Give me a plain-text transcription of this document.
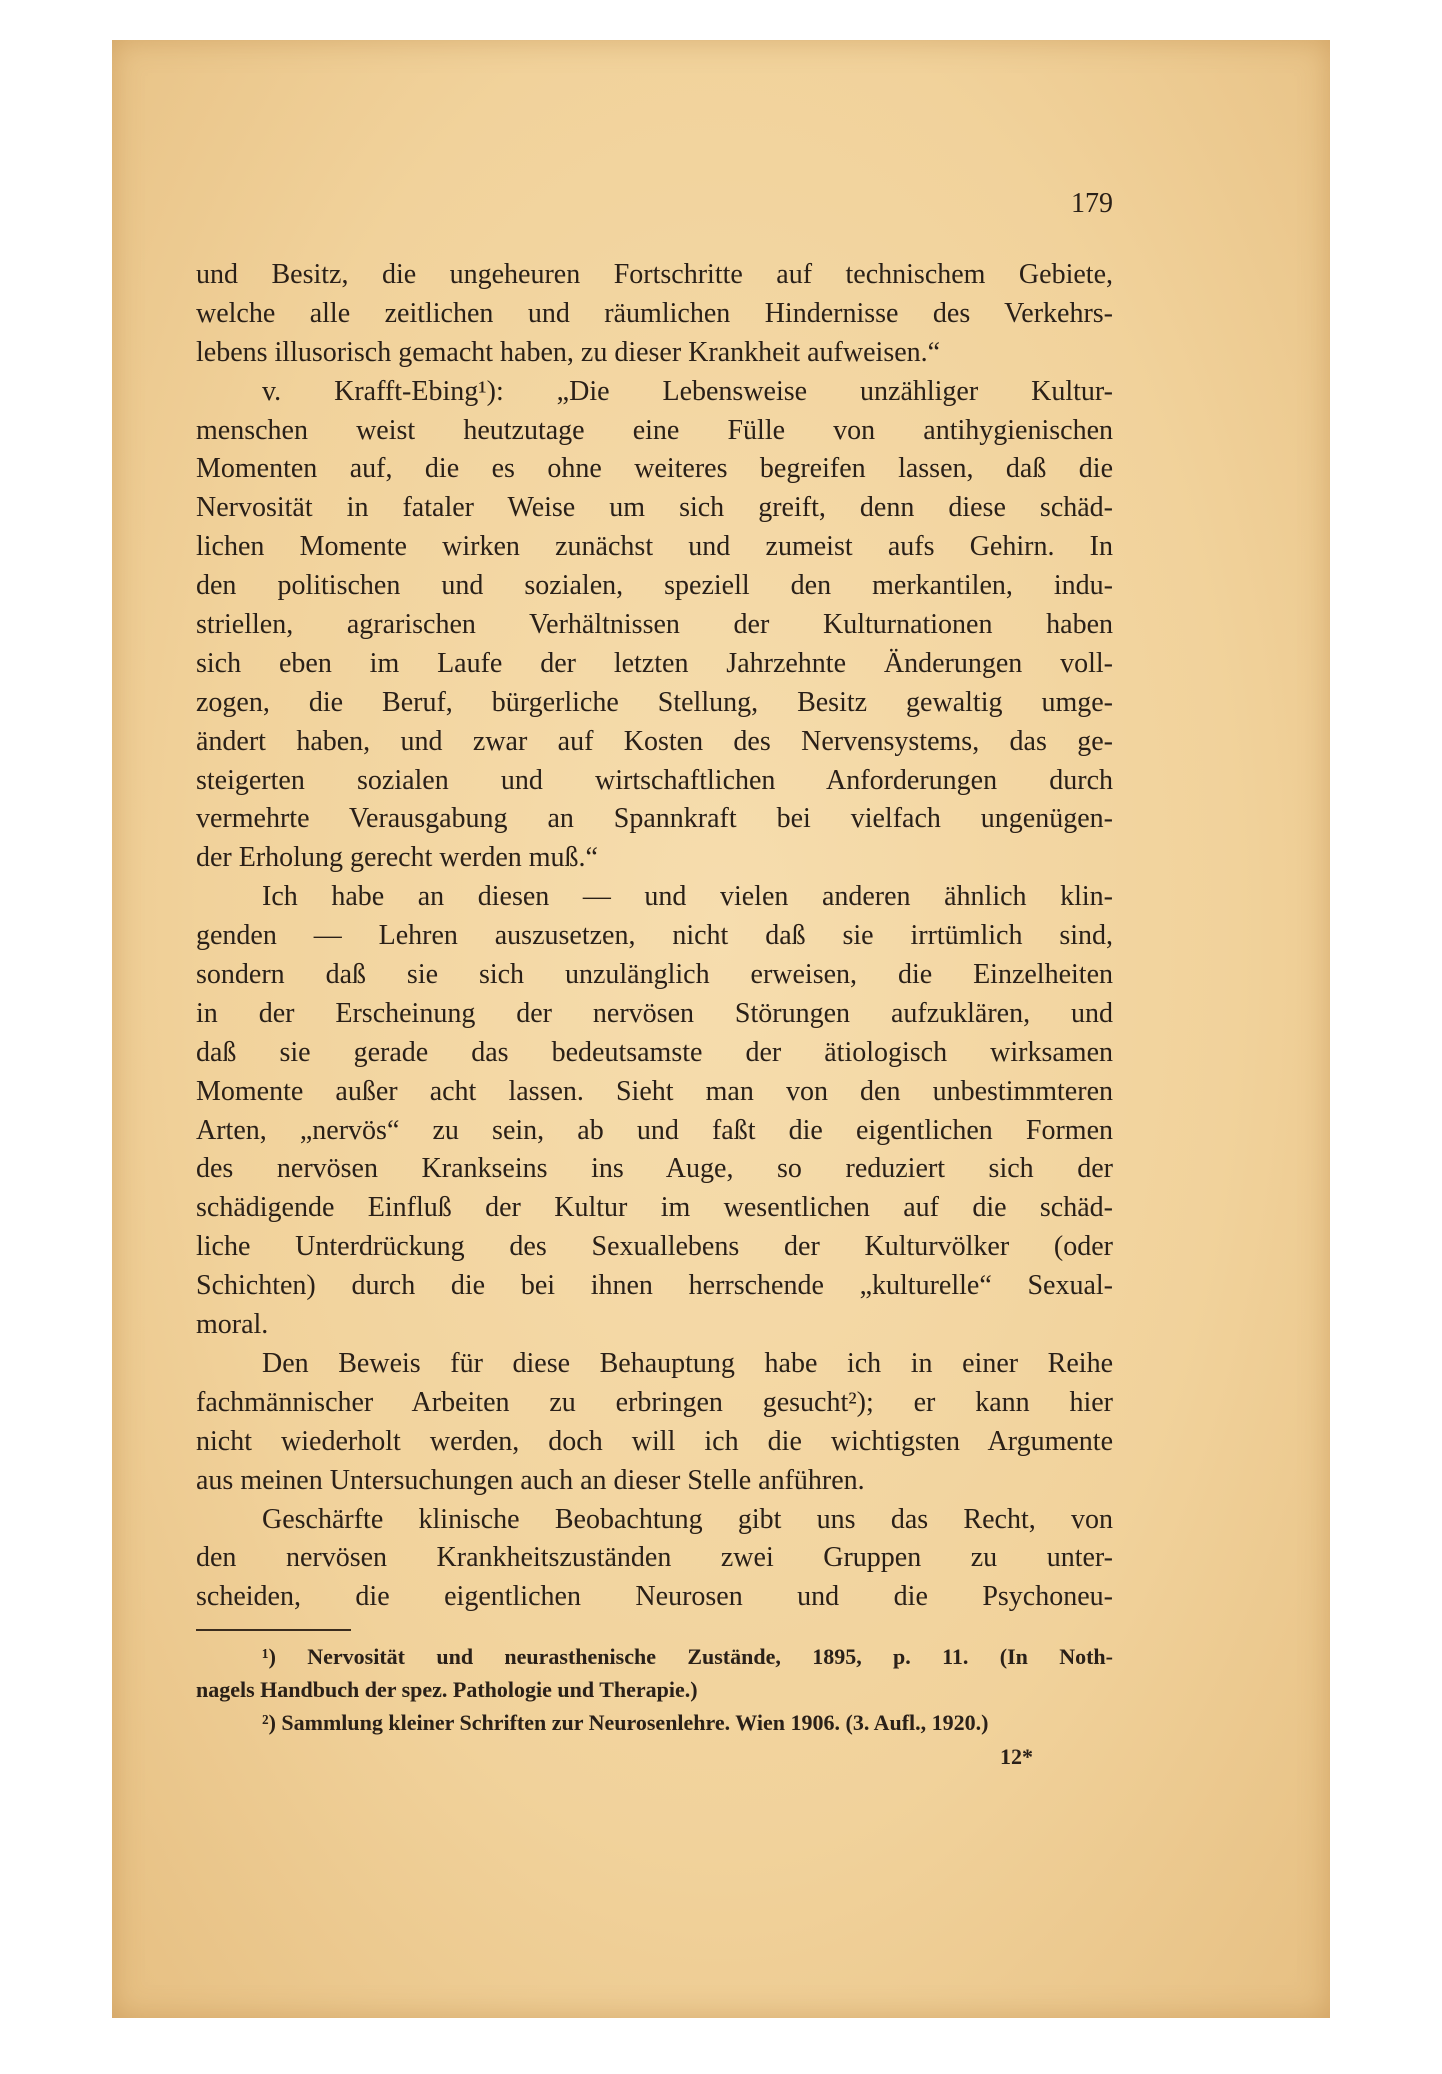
179
und Besitz, die ungeheuren Fortschritte auf technischem Gebiete,
welche alle zeitlichen und räumlichen Hindernisse des Verkehrs-
lebens illusorisch gemacht haben, zu dieser Krankheit aufweisen.“
v. Krafft-Ebing¹): „Die Lebensweise unzähliger Kultur-
menschen weist heutzutage eine Fülle von antihygienischen
Momenten auf, die es ohne weiteres begreifen lassen, daß die
Nervosität in fataler Weise um sich greift, denn diese schäd-
lichen Momente wirken zunächst und zumeist aufs Gehirn. In
den politischen und sozialen, speziell den merkantilen, indu-
striellen, agrarischen Verhältnissen der Kulturnationen haben
sich eben im Laufe der letzten Jahrzehnte Änderungen voll-
zogen, die Beruf, bürgerliche Stellung, Besitz gewaltig umge-
ändert haben, und zwar auf Kosten des Nervensystems, das ge-
steigerten sozialen und wirtschaftlichen Anforderungen durch
vermehrte Verausgabung an Spannkraft bei vielfach ungenügen-
der Erholung gerecht werden muß.“
Ich habe an diesen — und vielen anderen ähnlich klin-
genden — Lehren auszusetzen, nicht daß sie irrtümlich sind,
sondern daß sie sich unzulänglich erweisen, die Einzelheiten
in der Erscheinung der nervösen Störungen aufzuklären, und
daß sie gerade das bedeutsamste der ätiologisch wirksamen
Momente außer acht lassen. Sieht man von den unbestimmteren
Arten, „nervös“ zu sein, ab und faßt die eigentlichen Formen
des nervösen Krankseins ins Auge, so reduziert sich der
schädigende Einfluß der Kultur im wesentlichen auf die schäd-
liche Unterdrückung des Sexuallebens der Kulturvölker (oder
Schichten) durch die bei ihnen herrschende „kulturelle“ Sexual-
moral.
Den Beweis für diese Behauptung habe ich in einer Reihe
fachmännischer Arbeiten zu erbringen gesucht²); er kann hier
nicht wiederholt werden, doch will ich die wichtigsten Argumente
aus meinen Untersuchungen auch an dieser Stelle anführen.
Geschärfte klinische Beobachtung gibt uns das Recht, von
den nervösen Krankheitszuständen zwei Gruppen zu unter-
scheiden, die eigentlichen Neurosen und die Psychoneu-
¹) Nervosität und neurasthenische Zustände, 1895, p. 11. (In Noth-
nagels Handbuch der spez. Pathologie und Therapie.)
²) Sammlung kleiner Schriften zur Neurosenlehre. Wien 1906. (3. Aufl., 1920.)
12*
